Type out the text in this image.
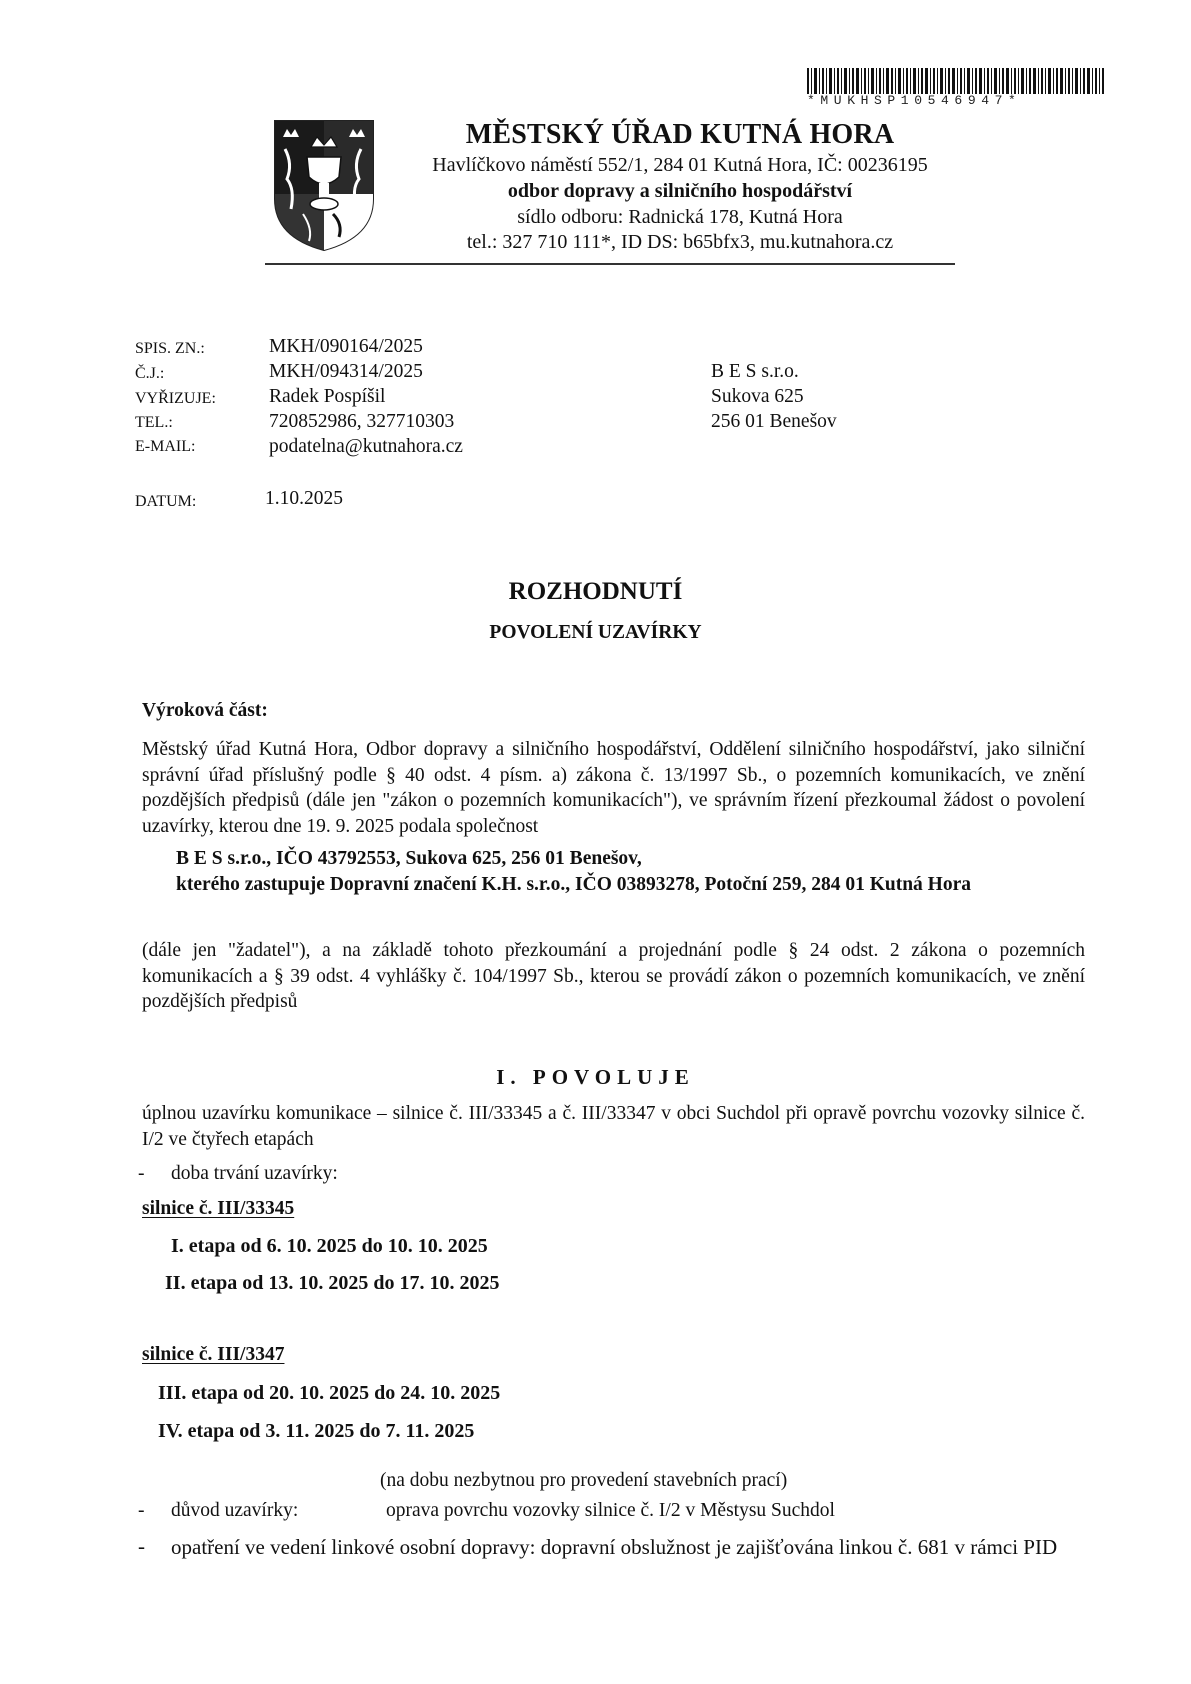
*MUKHSP10546947*
MĚSTSKÝ ÚŘAD KUTNÁ HORA
Havlíčkovo náměstí 552/1, 284 01 Kutná Hora, IČ: 00236195
odbor dopravy a silničního hospodářství
sídlo odboru: Radnická 178, Kutná Hora
tel.: 327 710 111*, ID DS: b65bfx3, mu.kutnahora.cz
SPIS. ZN.:	MKH/090164/2025
Č.J.:	MKH/094314/2025
VYŘIZUJE:	Radek Pospíšil
TEL.:	720852986, 327710303
E-MAIL:	podatelna@kutnahora.cz
DATUM:	1.10.2025
B E S s.r.o.
Sukova 625
256 01 Benešov
ROZHODNUTÍ
POVOLENÍ UZAVÍRKY
Výroková část:
Městský úřad Kutná Hora, Odbor dopravy a silničního hospodářství, Oddělení silničního hospodářství, jako silniční správní úřad příslušný podle § 40 odst. 4 písm. a) zákona č. 13/1997 Sb., o pozemních komunikacích, ve znění pozdějších předpisů (dále jen "zákon o pozemních komunikacích"), ve správním řízení přezkoumal žádost o povolení uzavírky, kterou dne 19. 9. 2025 podala společnost
B E S s.r.o., IČO 43792553, Sukova 625, 256 01 Benešov,
kterého zastupuje Dopravní značení K.H. s.r.o., IČO 03893278, Potoční 259, 284 01 Kutná Hora
(dále jen "žadatel"), a na základě tohoto přezkoumání a projednání podle § 24 odst. 2 zákona o pozemních komunikacích a § 39 odst. 4 vyhlášky č. 104/1997 Sb., kterou se provádí zákon o pozemních komunikacích, ve znění pozdějších předpisů
I. POVOLUJE
úplnou uzavírku komunikace – silnice č. III/33345 a č. III/33347 v obci Suchdol při opravě povrchu vozovky silnice č. I/2 ve čtyřech etapách
- doba trvání uzavírky:
silnice č. III/33345
I. etapa od 6. 10. 2025 do 10. 10. 2025
II. etapa od 13. 10. 2025 do 17. 10. 2025
silnice č. III/3347
III. etapa od 20. 10. 2025 do 24. 10. 2025
IV. etapa od 3. 11. 2025 do 7. 11. 2025
(na dobu nezbytnou pro provedení stavebních prací)
- důvod uzavírky:	oprava povrchu vozovky silnice č. I/2 v Městysu Suchdol
- opatření ve vedení linkové osobní dopravy: dopravní obslužnost je zajišťována linkou č. 681 v rámci PID
